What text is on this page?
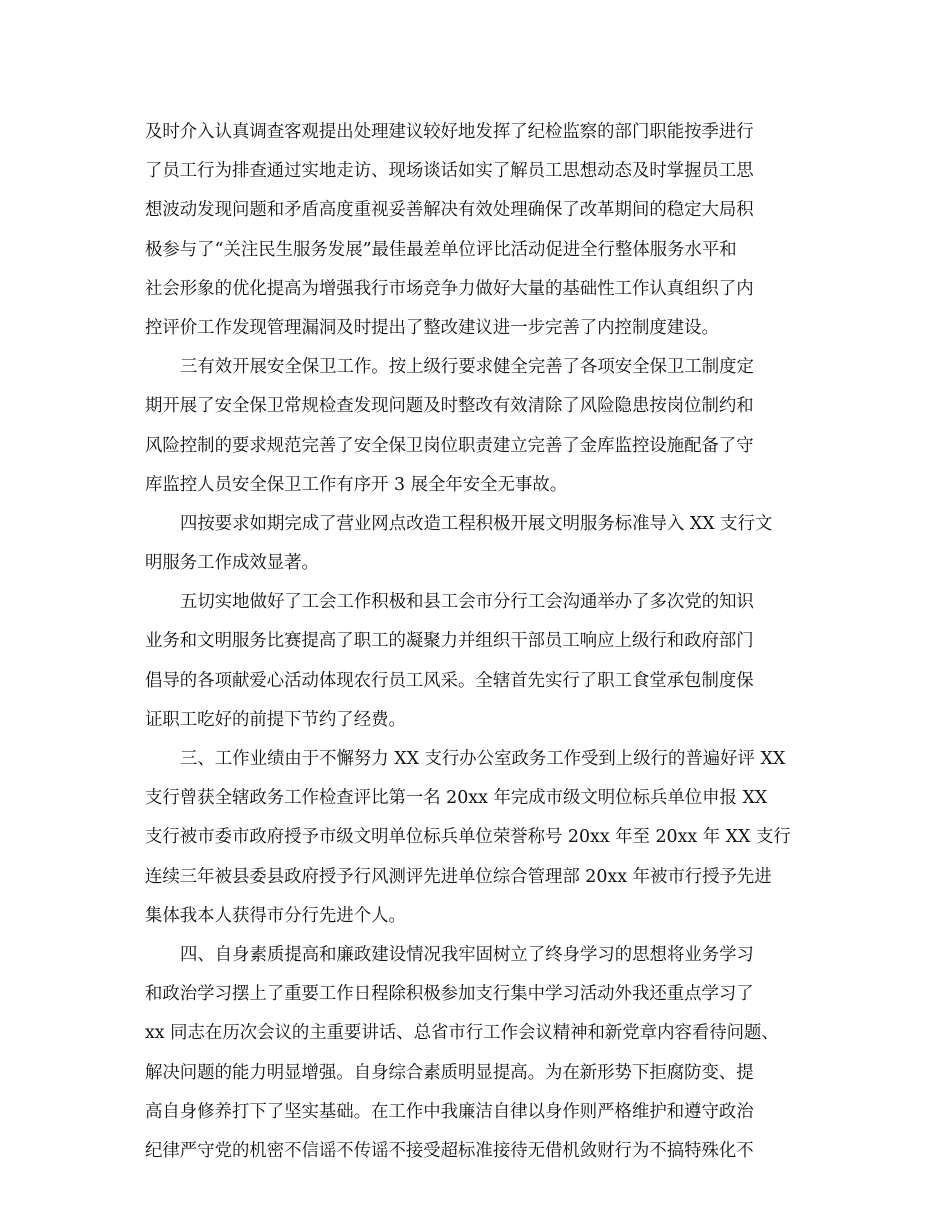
及时介入认真调查客观提出处理建议较好地发挥了纪检监察的部门职能按季进行
了员工行为排查通过实地走访、现场谈话如实了解员工思想动态及时掌握员工思
想波动发现问题和矛盾高度重视妥善解决有效处理确保了改革期间的稳定大局积
极参与了“关注民生服务发展”最佳最差单位评比活动促进全行整体服务水平和
社会形象的优化提高为增强我行市场竞争力做好大量的基础性工作认真组织了内
控评价工作发现管理漏洞及时提出了整改建议进一步完善了内控制度建设。
三有效开展安全保卫工作。按上级行要求健全完善了各项安全保卫工制度定
期开展了安全保卫常规检查发现问题及时整改有效清除了风险隐患按岗位制约和
风险控制的要求规范完善了安全保卫岗位职责建立完善了金库监控设施配备了守
库监控人员安全保卫工作有序开 3 展全年安全无事故。
四按要求如期完成了营业网点改造工程积极开展文明服务标准导入 XX 支行文
明服务工作成效显著。
五切实地做好了工会工作积极和县工会市分行工会沟通举办了多次党的知识
业务和文明服务比赛提高了职工的凝聚力并组织干部员工响应上级行和政府部门
倡导的各项献爱心活动体现农行员工风采。全辖首先实行了职工食堂承包制度保
证职工吃好的前提下节约了经费。
三、工作业绩由于不懈努力 XX 支行办公室政务工作受到上级行的普遍好评 XX
支行曾获全辖政务工作检查评比第一名 20xx 年完成市级文明位标兵单位申报 XX
支行被市委市政府授予市级文明单位标兵单位荣誉称号 20xx 年至 20xx 年 XX 支行
连续三年被县委县政府授予行风测评先进单位综合管理部 20xx 年被市行授予先进
集体我本人获得市分行先进个人。
四、自身素质提高和廉政建设情况我牢固树立了终身学习的思想将业务学习
和政治学习摆上了重要工作日程除积极参加支行集中学习活动外我还重点学习了
xx 同志在历次会议的主重要讲话、总省市行工作会议精神和新党章内容看待问题、
解决问题的能力明显增强。自身综合素质明显提高。为在新形势下拒腐防变、提
高自身修养打下了坚实基础。在工作中我廉洁自律以身作则严格维护和遵守政治
纪律严守党的机密不信谣不传谣不接受超标准接待无借机敛财行为不搞特殊化不
